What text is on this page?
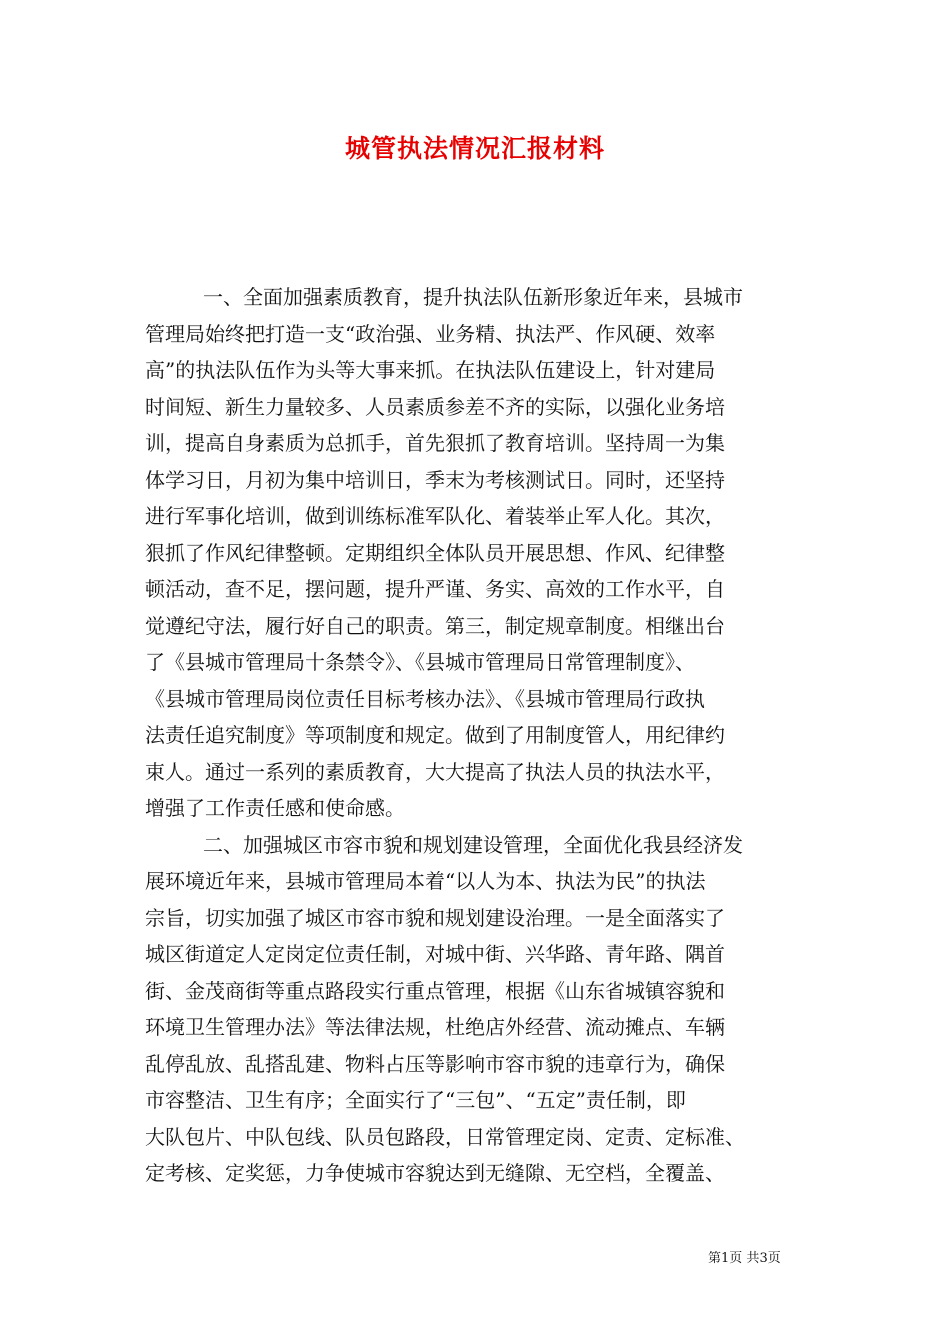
城管执法情况汇报材料
一、全面加强素质教育，提升执法队伍新形象近年来，县城市
管理局始终把打造一支“政治强、业务精、执法严、作风硬、效率
高”的执法队伍作为头等大事来抓。在执法队伍建设上，针对建局
时间短、新生力量较多、人员素质参差不齐的实际，以强化业务培
训，提高自身素质为总抓手，首先狠抓了教育培训。坚持周一为集
体学习日，月初为集中培训日，季末为考核测试日。同时，还坚持
进行军事化培训，做到训练标准军队化、着装举止军人化。其次，
狠抓了作风纪律整顿。定期组织全体队员开展思想、作风、纪律整
顿活动，查不足，摆问题，提升严谨、务实、高效的工作水平，自
觉遵纪守法，履行好自己的职责。第三，制定规章制度。相继出台
了《县城市管理局十条禁令》、《县城市管理局日常管理制度》、
《县城市管理局岗位责任目标考核办法》、《县城市管理局行政执
法责任追究制度》等项制度和规定。做到了用制度管人，用纪律约
束人。通过一系列的素质教育，大大提高了执法人员的执法水平，
增强了工作责任感和使命感。
二、加强城区市容市貌和规划建设管理，全面优化我县经济发
展环境近年来，县城市管理局本着“以人为本、执法为民”的执法
宗旨，切实加强了城区市容市貌和规划建设治理。一是全面落实了
城区街道定人定岗定位责任制，对城中街、兴华路、青年路、隅首
街、金茂商街等重点路段实行重点管理，根据《山东省城镇容貌和
环境卫生管理办法》等法律法规，杜绝店外经营、流动摊点、车辆
乱停乱放、乱搭乱建、物料占压等影响市容市貌的违章行为，确保
市容整洁、卫生有序；全面实行了“三包”、“五定”责任制，即
大队包片、中队包线、队员包路段，日常管理定岗、定责、定标准、
定考核、定奖惩，力争使城市容貌达到无缝隙、无空档，全覆盖、
第1页 共3页
